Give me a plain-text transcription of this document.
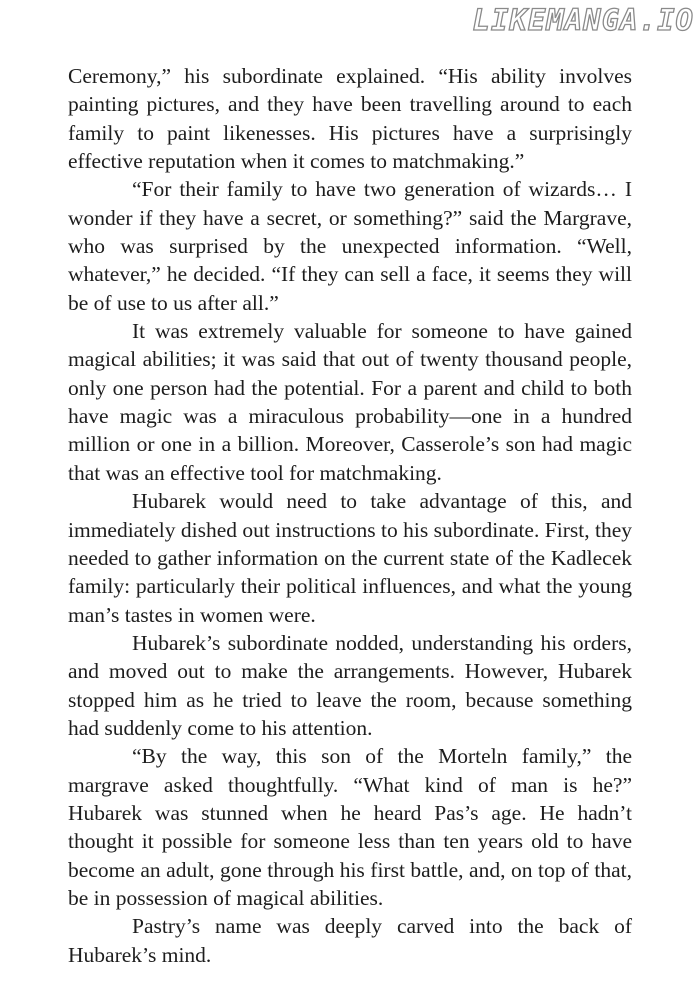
LIKEMANGA.IO

Ceremony,” his subordinate explained. “His ability involves painting pictures, and they have been travelling around to each family to paint likenesses. His pictures have a surprisingly effective reputation when it comes to matchmaking.”

“For their family to have two generation of wizards… I wonder if they have a secret, or something?” said the Margrave, who was surprised by the unexpected information. “Well, whatever,” he decided. “If they can sell a face, it seems they will be of use to us after all.”

It was extremely valuable for someone to have gained magical abilities; it was said that out of twenty thousand people, only one person had the potential. For a parent and child to both have magic was a miraculous probability—one in a hundred million or one in a billion. Moreover, Casserole’s son had magic that was an effective tool for matchmaking.

Hubarek would need to take advantage of this, and immediately dished out instructions to his subordinate. First, they needed to gather information on the current state of the Kadlecek family: particularly their political influences, and what the young man’s tastes in women were.

Hubarek’s subordinate nodded, understanding his orders, and moved out to make the arrangements. However, Hubarek stopped him as he tried to leave the room, because something had suddenly come to his attention.

“By the way, this son of the Morteln family,” the margrave asked thoughtfully. “What kind of man is he?” Hubarek was stunned when he heard Pas’s age. He hadn’t thought it possible for someone less than ten years old to have become an adult, gone through his first battle, and, on top of that, be in possession of magical abilities.

Pastry’s name was deeply carved into the back of Hubarek’s mind.
